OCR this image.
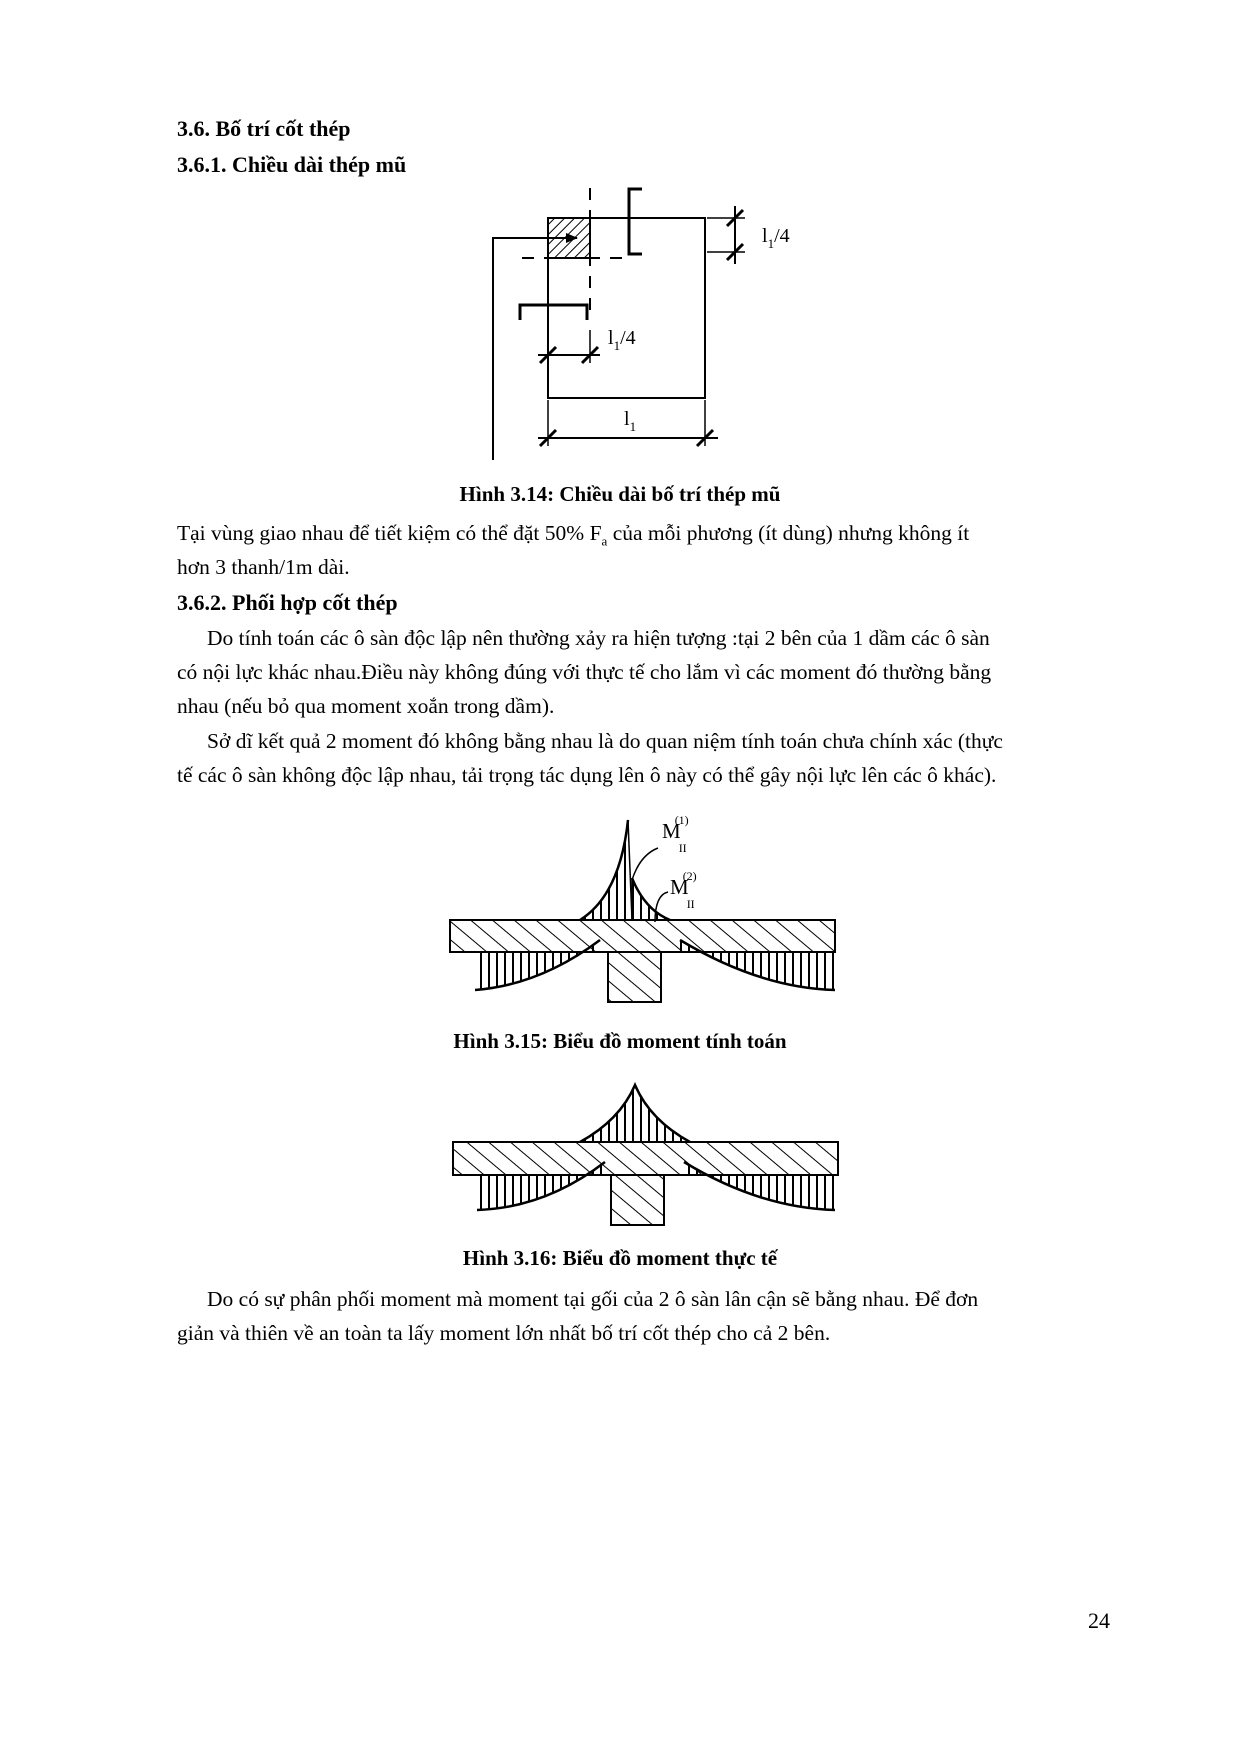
3.6. Bố trí cốt thép
3.6.1. Chiều dài thép mũ
$l_1/4$
$l_1/4$
$l_1$
Hình 3.14: Chiều dài bố trí thép mũ
Tại vùng giao nhau để tiết kiệm có thể đặt 50% $F_a$ của mỗi phương (ít dùng) nhưng không ít
hơn 3 thanh/1m dài.
3.6.2. Phối hợp cốt thép
Do tính toán các ô sàn độc lập nên thường xảy ra hiện tượng :tại 2 bên của 1 dầm các ô sàn
có nội lực khác nhau.Điều này không đúng với thực tế cho lắm vì các moment đó thường bằng
nhau (nếu bỏ qua moment xoắn trong dầm).
Sở dĩ kết quả 2 moment đó không bằng nhau là do quan niệm tính toán chưa chính xác (thực
tế các ô sàn không độc lập nhau, tải trọng tác dụng lên ô này có thể gây nội lực lên các ô khác).
M II(1)
M II(2)
Hình 3.15: Biểu đồ moment tính toán
Hình 3.16: Biểu đồ moment thực tế
Do có sự phân phối moment mà moment tại gối của 2 ô sàn lân cận sẽ bằng nhau. Để đơn
giản và thiên về an toàn ta lấy moment lớn nhất bố trí cốt thép cho cả 2 bên.
24
